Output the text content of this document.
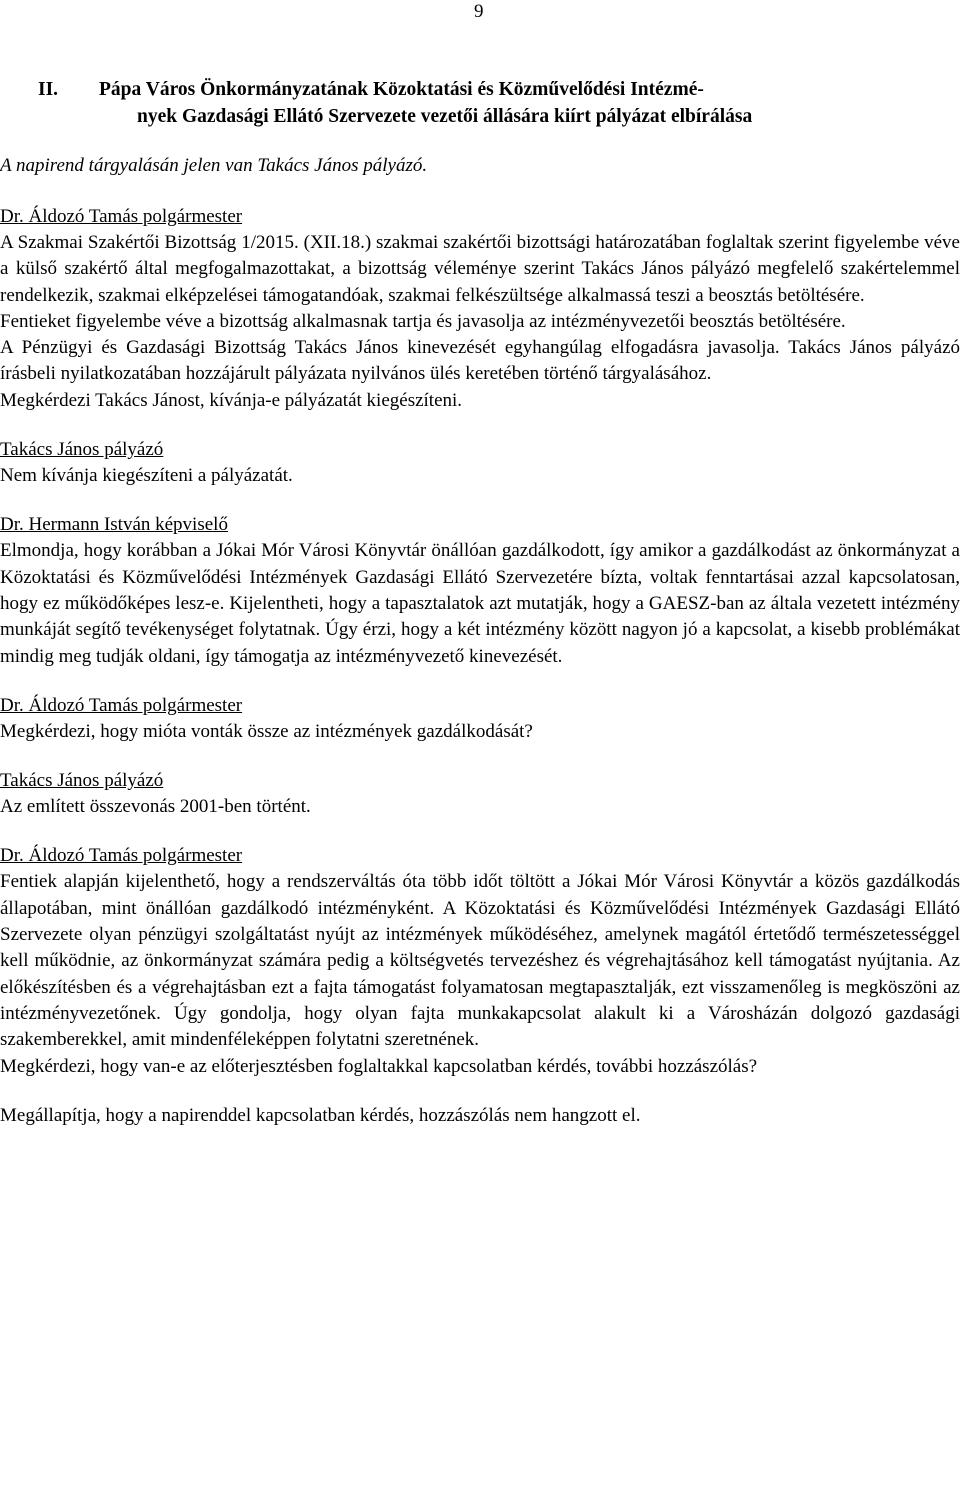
9
II. Pápa Város Önkormányzatának Közoktatási és Közművelődési Intézmé-
nyek Gazdasági Ellátó Szervezete vezetői állására kiírt pályázat elbírálása

A napirend tárgyalásán jelen van Takács János pályázó.

Dr. Áldozó Tamás polgármester

A Szakmai Szakértői Bizottság 1/2015. (XII.18.) szakmai szakértői bizottsági határozatában foglaltak szerint figyelembe véve a külső szakértő által megfogalmazottakat, a bizottság véleménye szerint Takács János pályázó megfelelő szakértelemmel rendelkezik, szakmai elképzelései támogatandóak, szakmai felkészültsége alkalmassá teszi a beosztás betöltésére.

Fentieket figyelembe véve a bizottság alkalmasnak tartja és javasolja az intézményvezetői beosztás betöltésére.

A Pénzügyi és Gazdasági Bizottság Takács János kinevezését egyhangúlag elfogadásra javasolja. Takács János pályázó írásbeli nyilatkozatában hozzájárult pályázata nyilvános ülés keretében történő tárgyalásához.

Megkérdezi Takács Jánost, kívánja-e pályázatát kiegészíteni.

Takács János pályázó

Nem kívánja kiegészíteni a pályázatát.

Dr. Hermann István képviselő

Elmondja, hogy korábban a Jókai Mór Városi Könyvtár önállóan gazdálkodott, így amikor a gazdálkodást az önkormányzat a Közoktatási és Közművelődési Intézmények Gazdasági Ellátó Szervezetére bízta, voltak fenntartásai azzal kapcsolatosan, hogy ez működőképes lesz-e. Kijelentheti, hogy a tapasztalatok azt mutatják, hogy a GAESZ-ban az általa vezetett intézmény munkáját segítő tevékenységet folytatnak. Úgy érzi, hogy a két intézmény között nagyon jó a kapcsolat, a kisebb problémákat mindig meg tudják oldani, így támogatja az intézményvezető kinevezését.

Dr. Áldozó Tamás polgármester

Megkérdezi, hogy mióta vonták össze az intézmények gazdálkodását?

Takács János pályázó

Az említett összevonás 2001-ben történt.

Dr. Áldozó Tamás polgármester

Fentiek alapján kijelenthető, hogy a rendszerváltás óta több időt töltött a Jókai Mór Városi Könyvtár a közös gazdálkodás állapotában, mint önállóan gazdálkodó intézményként. A Közoktatási és Közművelődési Intézmények Gazdasági Ellátó Szervezete olyan pénzügyi szolgáltatást nyújt az intézmények működéséhez, amelynek magától értetődő természetességgel kell működnie, az önkormányzat számára pedig a költségvetés tervezéshez és végrehajtásához kell támogatást nyújtania. Az előkészítésben és a végrehajtásban ezt a fajta támogatást folyamatosan megtapasztalják, ezt visszamenőleg is megköszöni az intézményvezetőnek. Úgy gondolja, hogy olyan fajta munkakapcsolat alakult ki a Városházán dolgozó gazdasági szakemberekkel, amit mindenféleképpen folytatni szeretnének.

Megkérdezi, hogy van-e az előterjesztésben foglaltakkal kapcsolatban kérdés, további hozzászólás?

Megállapítja, hogy a napirenddel kapcsolatban kérdés, hozzászólás nem hangzott el.
